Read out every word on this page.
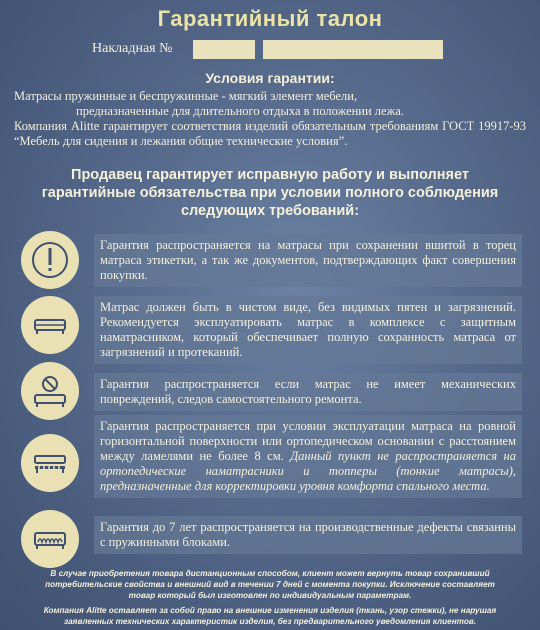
Гарантийный талон
Накладная №
Условия гарантии:

Матрасы пружинные и беспружинные - мягкий элемент мебели,

предназначенные для длительного отдыха в положении лежа.

Компания Alitte гарантирует соответствия изделий обязательным требованиям ГОСТ 19917-93 “Мебель для сидения и лежания общие технические условия”.

Продавец гарантирует исправную работу и выполняет
гарантийные обязательства при условии полного соблюдения
следующих требований:

Гарантия распространяется на матрасы при сохранении вшитой в торец матраса этикетки, а так же документов, подтверждающих факт совершения покупки.

Матрас должен быть в чистом виде, без видимых пятен и загрязнений. Рекомендуется эксплуатировать матрас в комплексе с защитным наматрасником, который обеспечивает полную сохранность матраса от загрязнений и протеканий.

Гарантия распространяется если матрас не имеет механических повреждений, следов самостоятельного ремонта.

Гарантия распространяется при условии эксплуатации матраса на ровной горизонтальной поверхности или ортопедическом основании с расстоянием между ламелями не более 8 см. Данный пункт не распространяется на ортопедические наматрасники и топперы (тонкие матрасы), предназначенные для корректировки уровня комфорта спального места.

Гарантия до 7 лет распространяется на производственные дефекты связанны с пружинными блоками.

В случае приобретения товара дистанционным способом, клиент может вернуть товар сохранивший
потребительские свойства и внешний вид в течении 7 дней с момента покупки. Исключение составляет
товар который был изготовлен по индивидуальным параметрам.
Компания Alitte оставляет за собой право на внешние изменения изделия (ткань, узор стежки), не нарушая
заявленных технических характеристик изделия, без предварительного уведомления клиентов.
